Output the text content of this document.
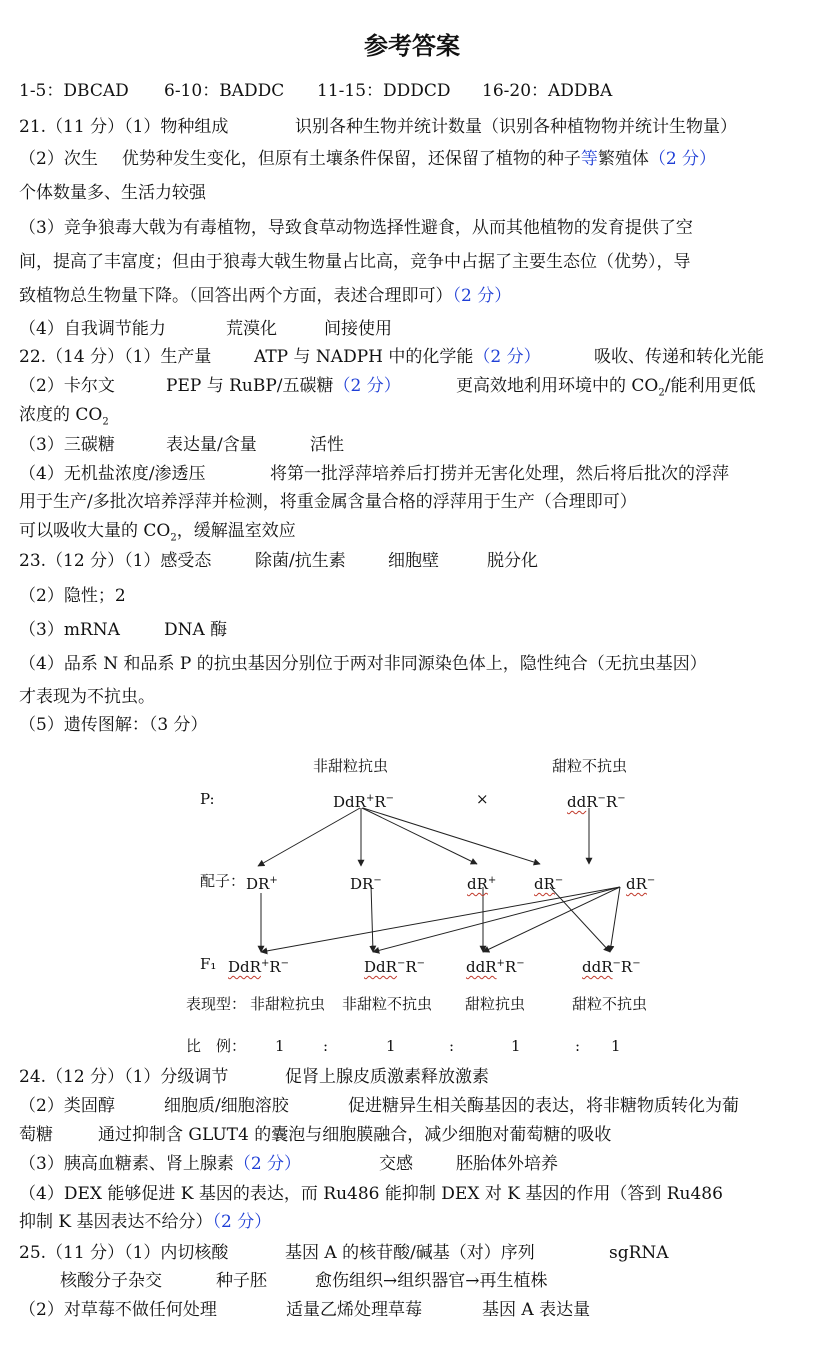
参考答案
1-5：DBCAD 6-10：BADDC 11-15：DDDCD 16-20：ADDBA
21.（11 分）（1）物种组成	识别各种生物并统计数量（识别各种植物物并统计生物量）
（2）次生 优势种发生变化，但原有土壤条件保留，还保留了植物的种子等繁殖体（2 分）
个体数量多、生活力较强
（3）竞争狼毒大戟为有毒植物，导致食草动物选择性避食，从而其他植物的发育提供了空
间，提高了丰富度；但由于狼毒大戟生物量占比高，竞争中占据了主要生态位（优势），导
致植物总生物量下降。（回答出两个方面，表述合理即可）（2 分）
（4）自我调节能力	荒漠化	间接使用
22.（14 分）（1）生产量	ATP 与 NADPH 中的化学能（2 分）	吸收、传递和转化光能
（2）卡尔文	PEP 与 RuBP/五碳糖（2 分）	更高效地利用环境中的 $CO_2/$能利用更低
浓度的 $CO_2$
（3）三碳糖	表达量/含量	活性
（4）无机盐浓度/渗透压	将第一批浮萍培养后打捞并无害化处理，然后将后批次的浮萍
用于生产/多批次培养浮萍并检测，将重金属含量合格的浮萍用于生产（合理即可）
可以吸收大量的 $CO_2$，缓解温室效应
23.（12 分）（1）感受态	除菌/抗生素 细胞壁	脱分化
（2）隐性；2
（3）mRNA	DNA 酶
（4）品系 N 和品系 P 的抗虫基因分别位于两对非同源染色体上，隐性纯合（无抗虫基因）
才表现为不抗虫。
（5）遗传图解：（3 分）
非甜粒抗虫	甜粒不抗虫
P:	DdR+R−	×	ddR−R−
配子： DR+	DR−	dR+	dR−	dR−
F₁ DdR+R−	DdR−R−	ddR+R−	ddR−R−
表现型： 非甜粒抗虫 非甜粒不抗虫 甜粒抗虫	甜粒不抗虫
比　例： 1	:	1	:	1	: 1
24.（12 分）（1）分级调节	促肾上腺皮质激素释放激素
（2）类固醇	细胞质/细胞溶胶	促进糖异生相关酶基因的表达，将非糖物质转化为葡
萄糖	通过抑制含 GLUT4 的囊泡与细胞膜融合，减少细胞对葡萄糖的吸收
（3）胰高血糖素、肾上腺素（2 分）	交感	胚胎体外培养
（4）DEX 能够促进 K 基因的表达，而 Ru486 能抑制 DEX 对 K 基因的作用（答到 Ru486
抑制 K 基因表达不给分）（2 分）
25.（11 分）（1）内切核酸	基因 A 的核苷酸/碱基（对）序列	sgRNA
核酸分子杂交	种子胚	愈伤组织→组织器官→再生植株
（2）对草莓不做任何处理	适量乙烯处理草莓	基因 A 表达量
